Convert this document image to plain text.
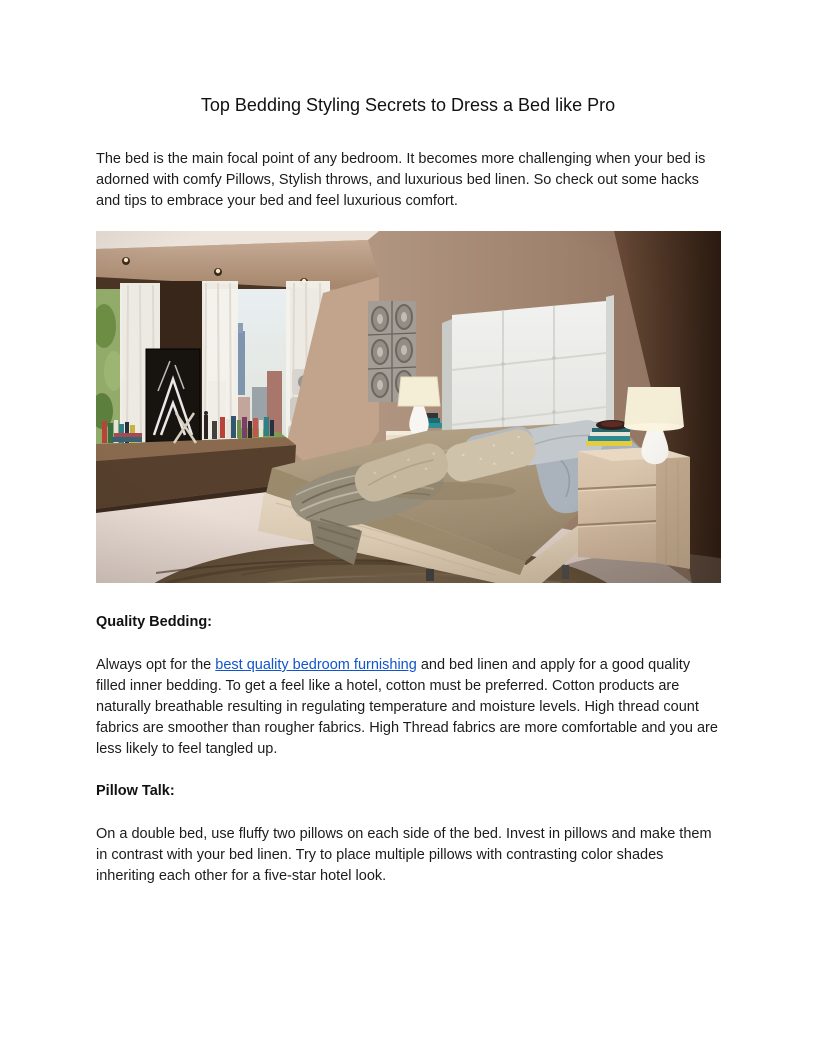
Top Bedding Styling Secrets to Dress a Bed like Pro

The bed is the main focal point of any bedroom. It becomes more challenging when your bed is adorned with comfy Pillows, Stylish throws, and luxurious bed linen. So check out some hacks and tips to embrace your bed and feel luxurious comfort.

Quality Bedding:

Always opt for the best quality bedroom furnishing and bed linen and apply for a good quality filled inner bedding. To get a feel like a hotel, cotton must be preferred. Cotton products are naturally breathable resulting in regulating temperature and moisture levels. High thread count fabrics are smoother than rougher fabrics. High Thread fabrics are more comfortable and you are less likely to feel tangled up.

Pillow Talk:

On a double bed, use fluffy two pillows on each side of the bed. Invest in pillows and make them in contrast with your bed linen. Try to place multiple pillows with contrasting color shades inheriting each other for a five-star hotel look.
